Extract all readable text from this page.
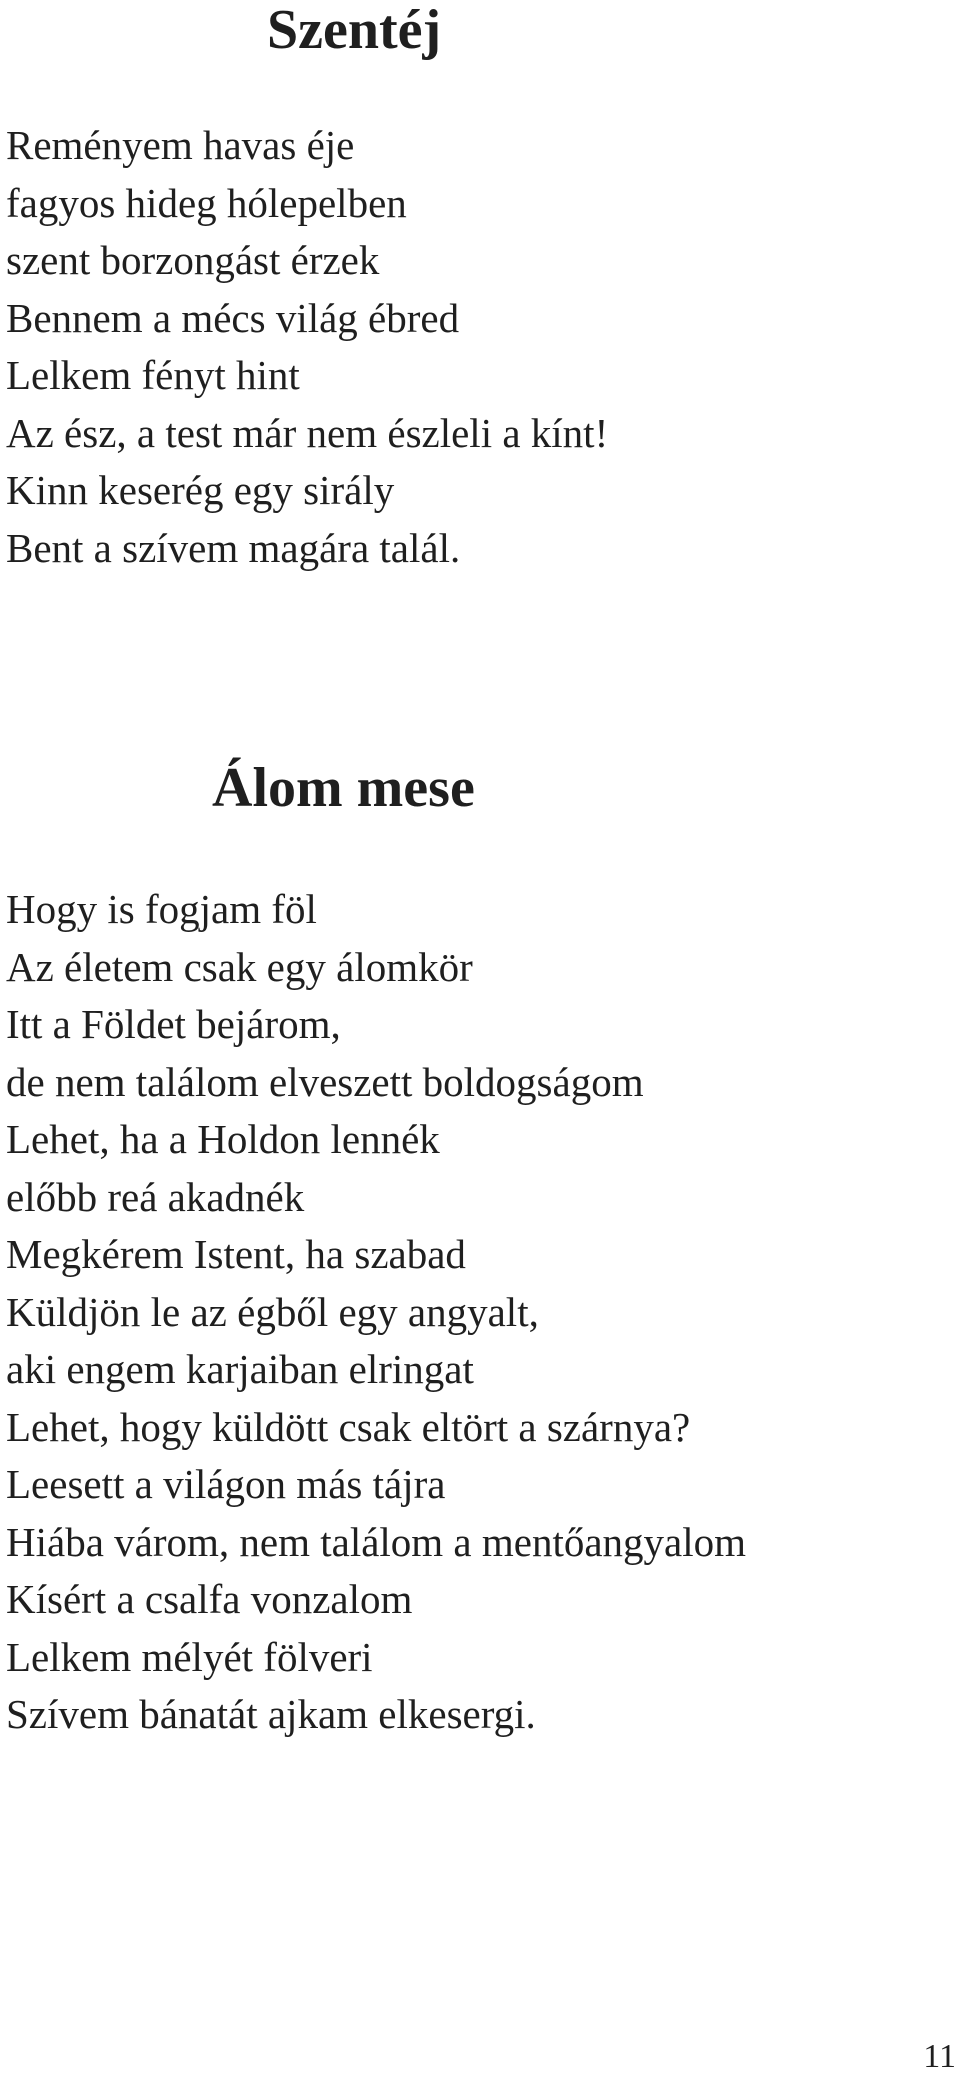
Szentéj
Reményem havas éje
fagyos hideg hólepelben
szent borzongást érzek
Bennem a mécs világ ébred
Lelkem fényt hint
Az ész, a test már nem észleli a kínt!
Kinn keserég egy sirály
Bent a szívem magára talál.
Álom mese
Hogy is fogjam föl
Az életem csak egy álomkör
Itt a Földet bejárom,
de nem találom elveszett boldogságom
Lehet, ha a Holdon lennék
előbb reá akadnék
Megkérem Istent, ha szabad
Küldjön le az égből egy angyalt,
aki engem karjaiban elringat
Lehet, hogy küldött csak eltört a szárnya?
Leesett a világon más tájra
Hiába várom, nem találom a mentőangyalom
Kísért a csalfa vonzalom
Lelkem mélyét fölveri
Szívem bánatát ajkam elkesergi.
11
